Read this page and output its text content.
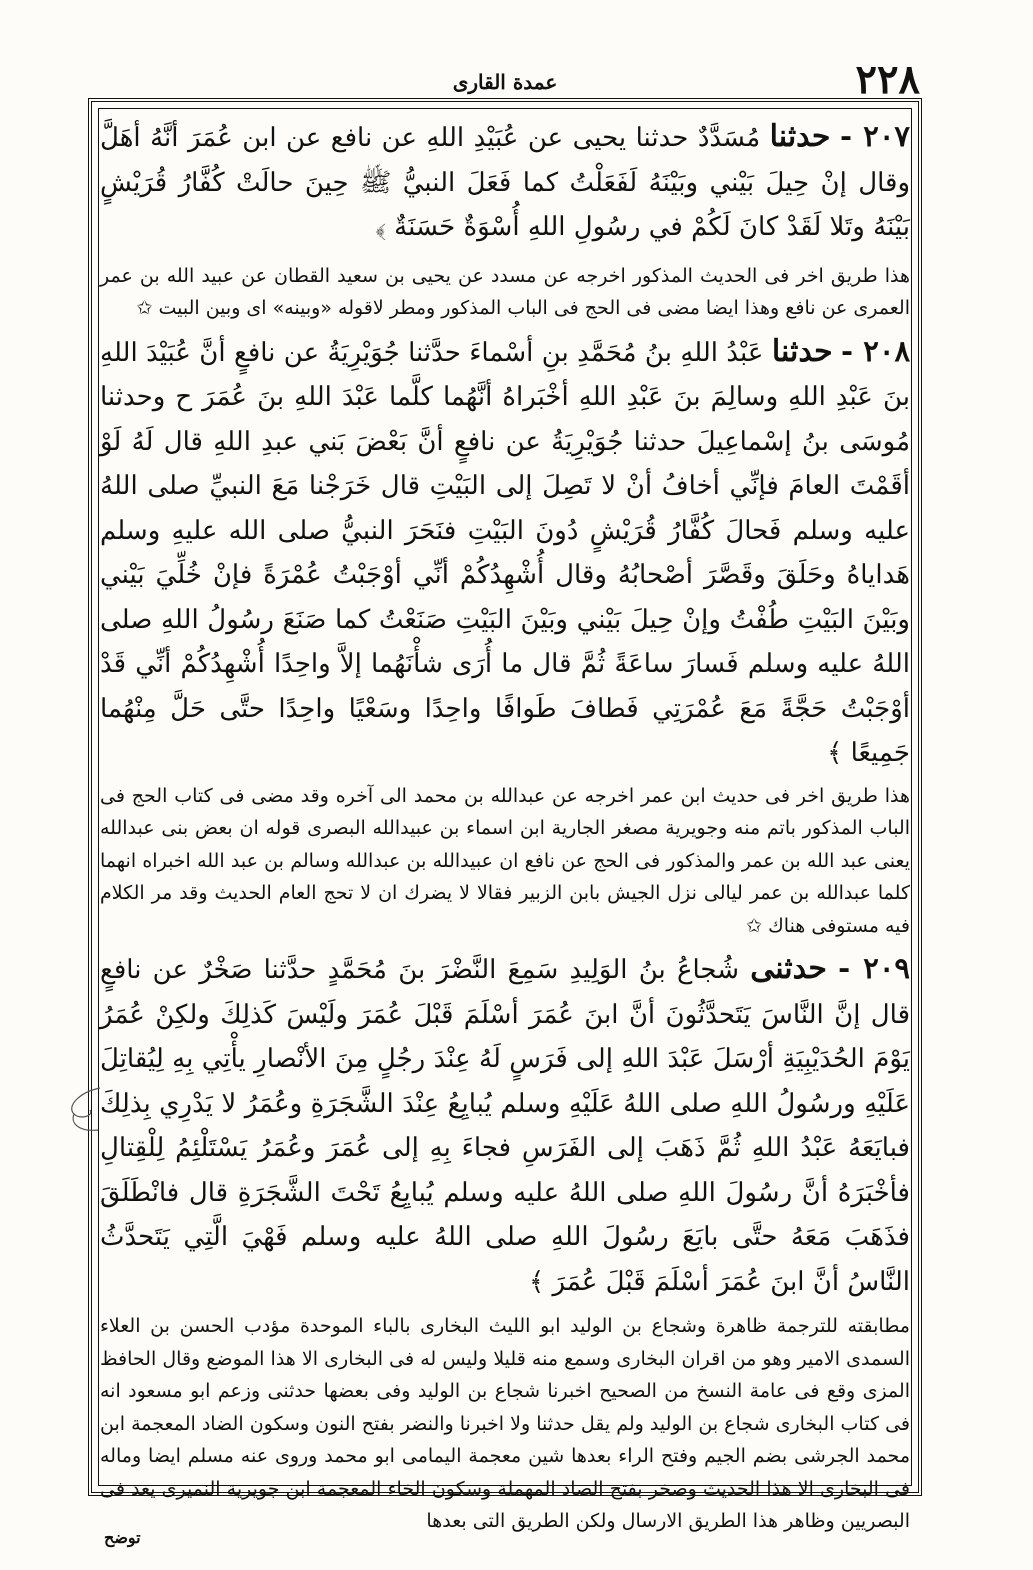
٢٢٨
عمدة القارى

٢٠٧ - حدثنا مُسَدَّدٌ حدثنا يحيى عن عُبَيْدِ اللهِ عن نافع عن ابن عُمَرَ أنَّهُ أهَلَّ وقال إنْ حِيلَ بَيْني وبَيْنَهُ لَفَعَلْتُ كما فَعَلَ النبيُّ ﷺ حِينَ حالَتْ كُفَّارُ قُرَيْشٍ بَيْنَهُ وتَلا لَقَدْ كانَ لَكُمْ في رسُولِ اللهِ أُسْوَةٌ حَسَنَةٌ ﴾

هذا طريق اخر فى الحديث المذكور اخرجه عن مسدد عن يحيى بن سعيد القطان عن عبيد الله بن عمر العمرى عن نافع وهذا ايضا مضى فى الحج فى الباب المذكور ومطر لاقوله «وبينه» اى وبين البيت ✩

٢٠٨ - حدثنا عَبْدُ اللهِ بنُ مُحَمَّدِ بنِ أسْماءَ حدَّثنا جُوَيْرِيَةُ عن نافعٍ أنَّ عُبَيْدَ اللهِ بنَ عَبْدِ اللهِ وسالِمَ بنَ عَبْدِ اللهِ أخْبَراهُ أنَّهُما كلَّما عَبْدَ اللهِ بنَ عُمَرَ ح وحدثنا مُوسَى بنُ إسْماعِيلَ حدثنا جُوَيْرِيَةُ عن نافعٍ أنَّ بَعْضَ بَني عبدِ اللهِ قال لَهُ لَوْ أقَمْتَ العامَ فإنِّي أخافُ أنْ لا تَصِلَ إلى البَيْتِ قال خَرَجْنا مَعَ النبيِّ صلى اللهُ عليه وسلم فَحالَ كُفَّارُ قُرَيْشٍ دُونَ البَيْتِ فنَحَرَ النبيُّ صلى الله عليهِ وسلم هَداياهُ وحَلَقَ وقَصَّرَ أصْحابُهُ وقال أُشْهِدُكُمْ أنِّي أوْجَبْتُ عُمْرَةً فإنْ خُلِّيَ بَيْني وبَيْنَ البَيْتِ طُفْتُ وإنْ حِيلَ بَيْني وبَيْنَ البَيْتِ صَنَعْتُ كما صَنَعَ رسُولُ اللهِ صلى اللهُ عليه وسلم فَسارَ ساعَةً ثُمَّ قال ما أُرَى شأْنَهُما إلاَّ واحِدًا أُشْهِدُكُمْ أنِّي قَدْ أوْجَبْتُ حَجَّةً مَعَ عُمْرَتِي فَطافَ طَوافًا واحِدًا وسَعْيًا واحِدًا حتَّى حَلَّ مِنْهُما جَمِيعًا ﴾

هذا طريق اخر فى حديث ابن عمر اخرجه عن عبدالله بن محمد الى آخره وقد مضى فى كتاب الحج فى الباب المذكور باتم منه وجويرية مصغر الجارية ابن اسماء بن عبيدالله البصرى قوله ان بعض بنى عبدالله يعنى عبد الله بن عمر والمذكور فى الحج عن نافع ان عبيدالله بن عبدالله وسالم بن عبد الله اخبراه انهما كلما عبدالله بن عمر ليالى نزل الجيش بابن الزبير فقالا لا يضرك ان لا تحج العام الحديث وقد مر الكلام فيه مستوفى هناك ✩

٢٠٩ - حدثنى شُجاعُ بنُ الوَلِيدِ سَمِعَ النَّضْرَ بنَ مُحَمَّدٍ حدَّثنا صَخْرٌ عن نافعٍ قال إنَّ النَّاسَ يَتَحدَّثُونَ أنَّ ابنَ عُمَرَ أسْلَمَ قَبْلَ عُمَرَ ولَيْسَ كَذلِكَ ولكِنْ عُمَرُ يَوْمَ الحُدَيْبِيَةِ أرْسَلَ عَبْدَ اللهِ إلى فَرَسٍ لَهُ عِنْدَ رجُلٍ مِنَ الأنْصارِ يأْتِي بِهِ لِيُقاتِلَ عَلَيْهِ ورسُولُ اللهِ صلى اللهُ عَلَيْهِ وسلم يُبايِعُ عِنْدَ الشَّجَرَةِ وعُمَرُ لا يَدْرِي بِذلِكَ فبايَعَهُ عَبْدُ اللهِ ثُمَّ ذَهَبَ إلى الفَرَسِ فجاءَ بِهِ إلى عُمَرَ وعُمَرُ يَسْتَلْئِمُ لِلْقِتالِ فأخْبَرَهُ أنَّ رسُولَ اللهِ صلى اللهُ عليه وسلم يُبايِعُ تَحْتَ الشَّجَرَةِ قال فانْطَلَقَ فذَهَبَ مَعَهُ حتَّى بايَعَ رسُولَ اللهِ صلى اللهُ عليه وسلم فَهْيَ الَّتِي يَتَحدَّثُ النَّاسُ أنَّ ابنَ عُمَرَ أسْلَمَ قَبْلَ عُمَرَ ﴾

مطابقته للترجمة ظاهرة وشجاع بن الوليد ابو الليث البخارى بالباء الموحدة مؤدب الحسن بن العلاء السمدى الامير وهو من اقران البخارى وسمع منه قليلا وليس له فى البخارى الا هذا الموضع وقال الحافظ المزى وقع فى عامة النسخ من الصحيح اخبرنا شجاع بن الوليد وفى بعضها حدثنى وزعم ابو مسعود انه فى كتاب البخارى شجاع بن الوليد ولم يقل حدثنا ولا اخبرنا والنضر بفتح النون وسكون الضاد المعجمة ابن محمد الجرشى بضم الجيم وفتح الراء بعدها شين معجمة اليمامى ابو محمد وروى عنه مسلم ايضا وماله فى البخارى الا هذا الحديث وصخر بفتح الصاد المهملة وسكون الخاء المعجمة ابن جويرية النميرى يعد فى البصريين وظاهر هذا الطريق الارسال ولكن الطريق التى بعدها

توضح
